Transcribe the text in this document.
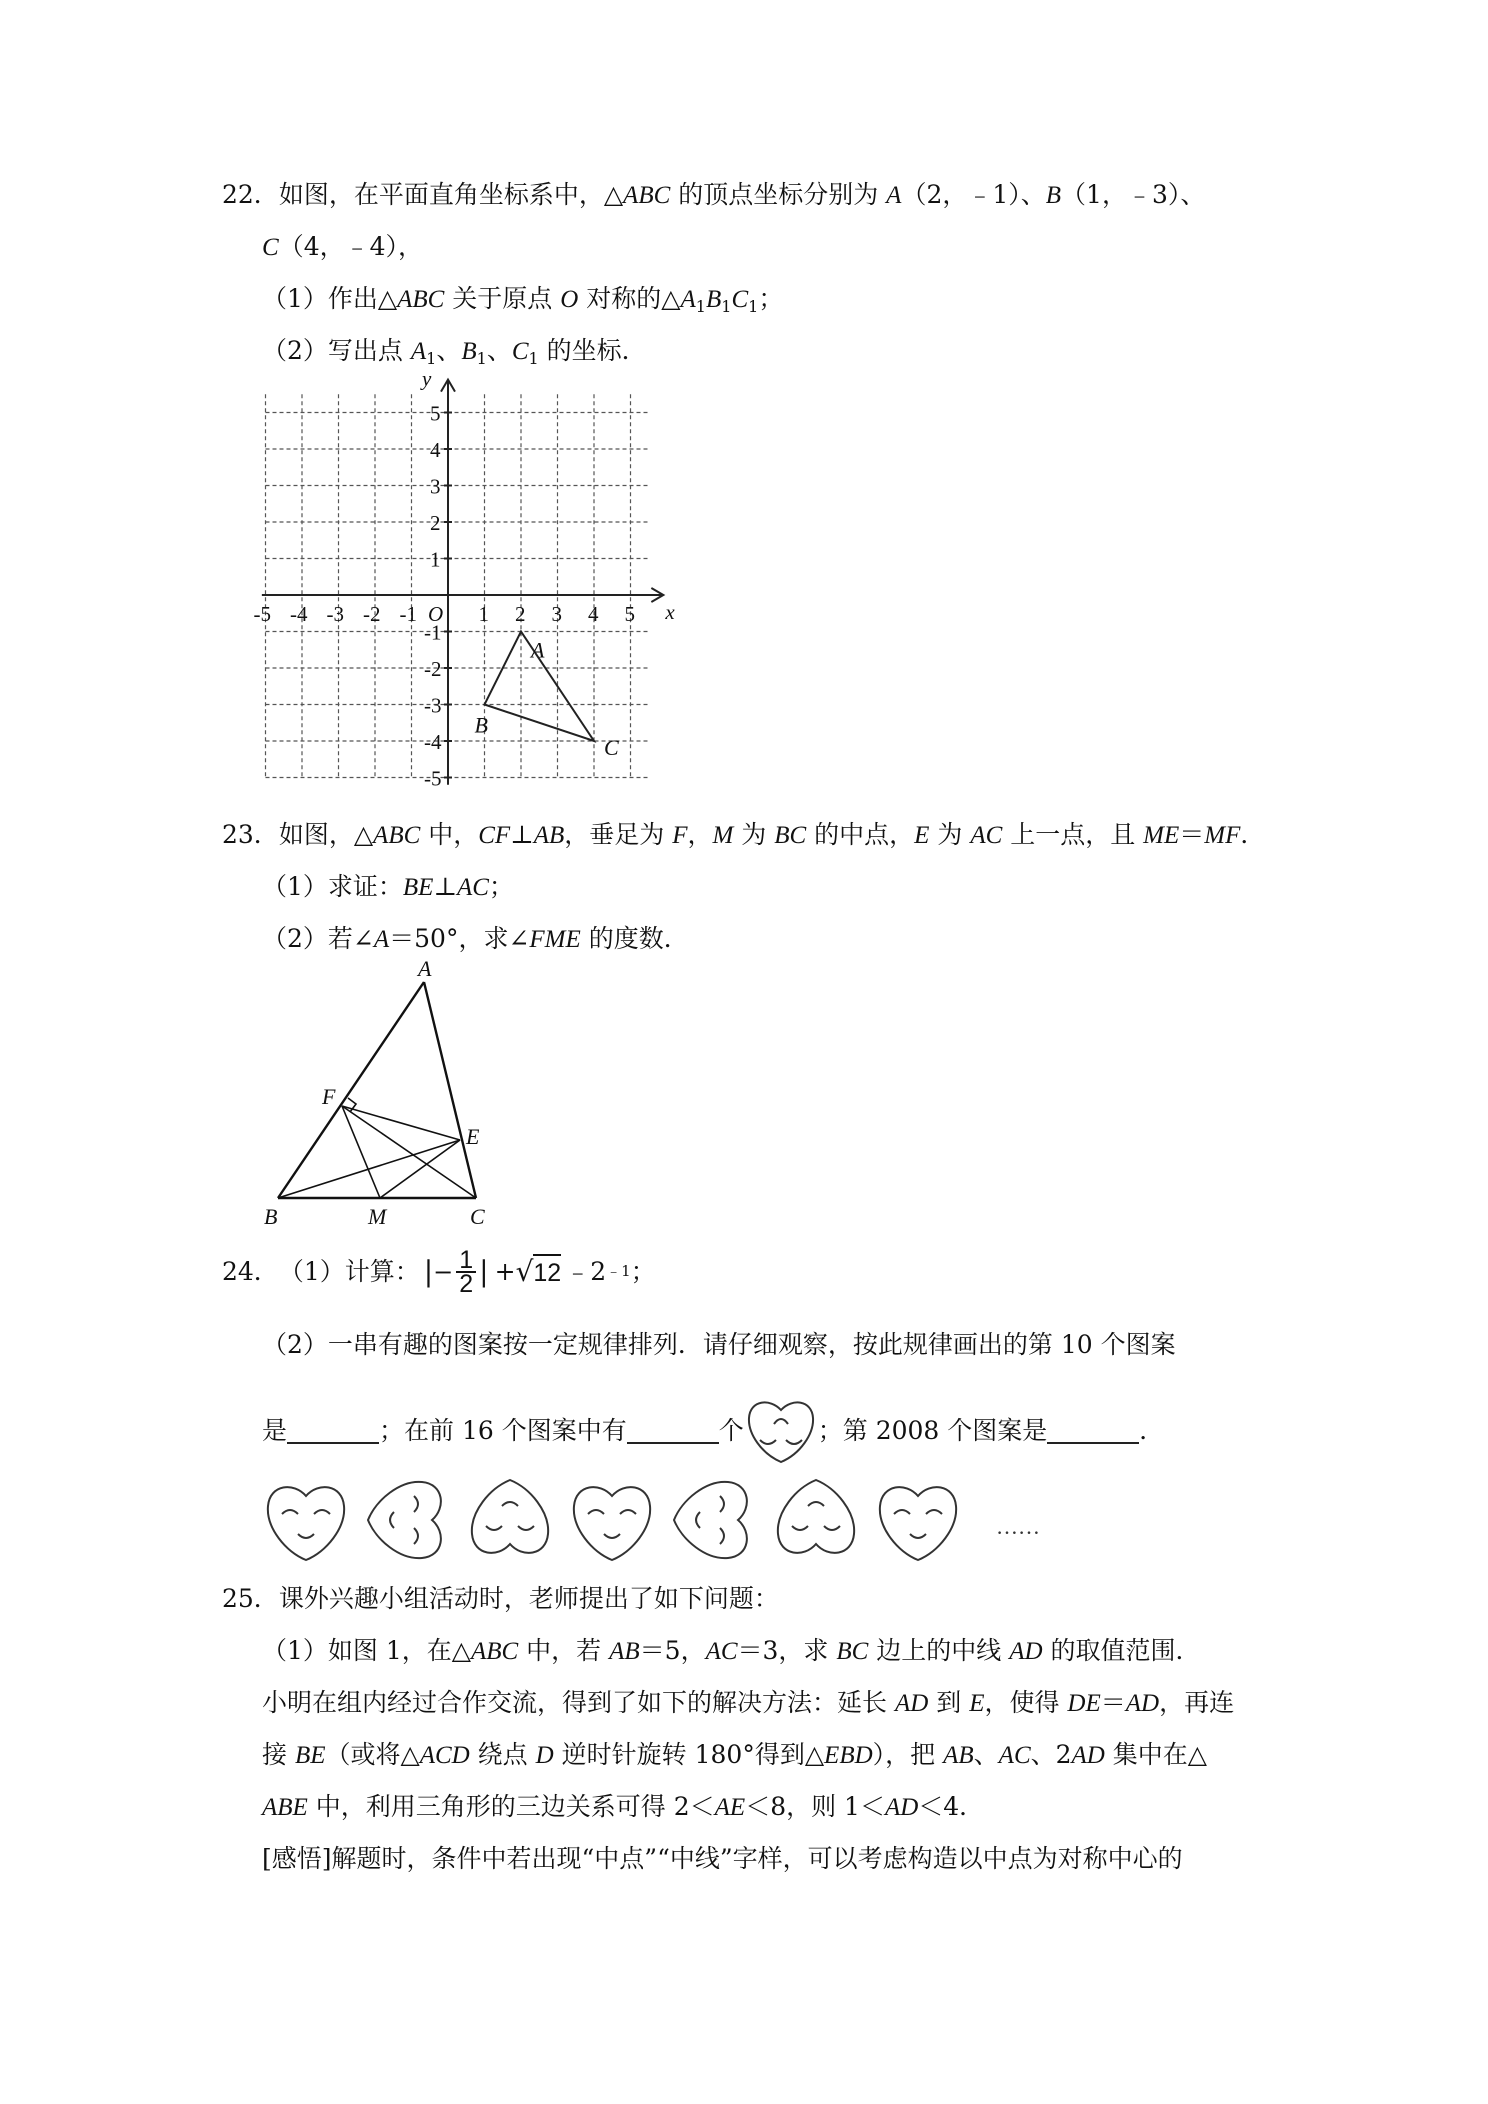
22．如图，在平面直角坐标系中，△ABC 的顶点坐标分别为 A（2，﹣1）、B（1，﹣3）、
C（4，﹣4），
（1）作出△ABC 关于原点 O 对称的$\triangle A_1B_1C_1$；
（2）写出点 $A_1$、$B_1$、$C_1$ 的坐标．
-5 -4 -3 -2 -1	1 2 3 4 5
5
4
3
2
1
-1
-2
-3
-4
-5
O	x
y
A
B
C
23．如图，△ABC 中，CF⊥AB，垂足为 F，M 为 BC 的中点，E 为 AC 上一点，且 ME＝MF．
（1）求证：BE⊥AC；
（2）若∠A＝50°，求∠FME 的度数．
A
F
E
B	M	C
24． （1）计算： | − $\frac{1}{2}$ | + √ 12 ﹣2 ﹣1 ；
（2）一串有趣的图案按一定规律排列．请仔细观察，按此规律画出的第 10 个图案
是	；在前 16 个图案中有	个	；第 2008 个图案是	．
……
25．课外兴趣小组活动时，老师提出了如下问题：
（1）如图 1，在△ABC 中，若 AB＝5，AC＝3，求 BC 边上的中线 AD 的取值范围．
小明在组内经过合作交流，得到了如下的解决方法：延长 AD 到 E，使得 DE＝AD，再连
接 BE（或将△ACD 绕点 D 逆时针旋转 180°得到△EBD），把 AB、AC、2AD 集中在△
ABE 中，利用三角形的三边关系可得 2＜AE＜8，则 1＜AD＜4．
[感悟]解题时，条件中若出现“中点”“中线”字样，可以考虑构造以中点为对称中心的
